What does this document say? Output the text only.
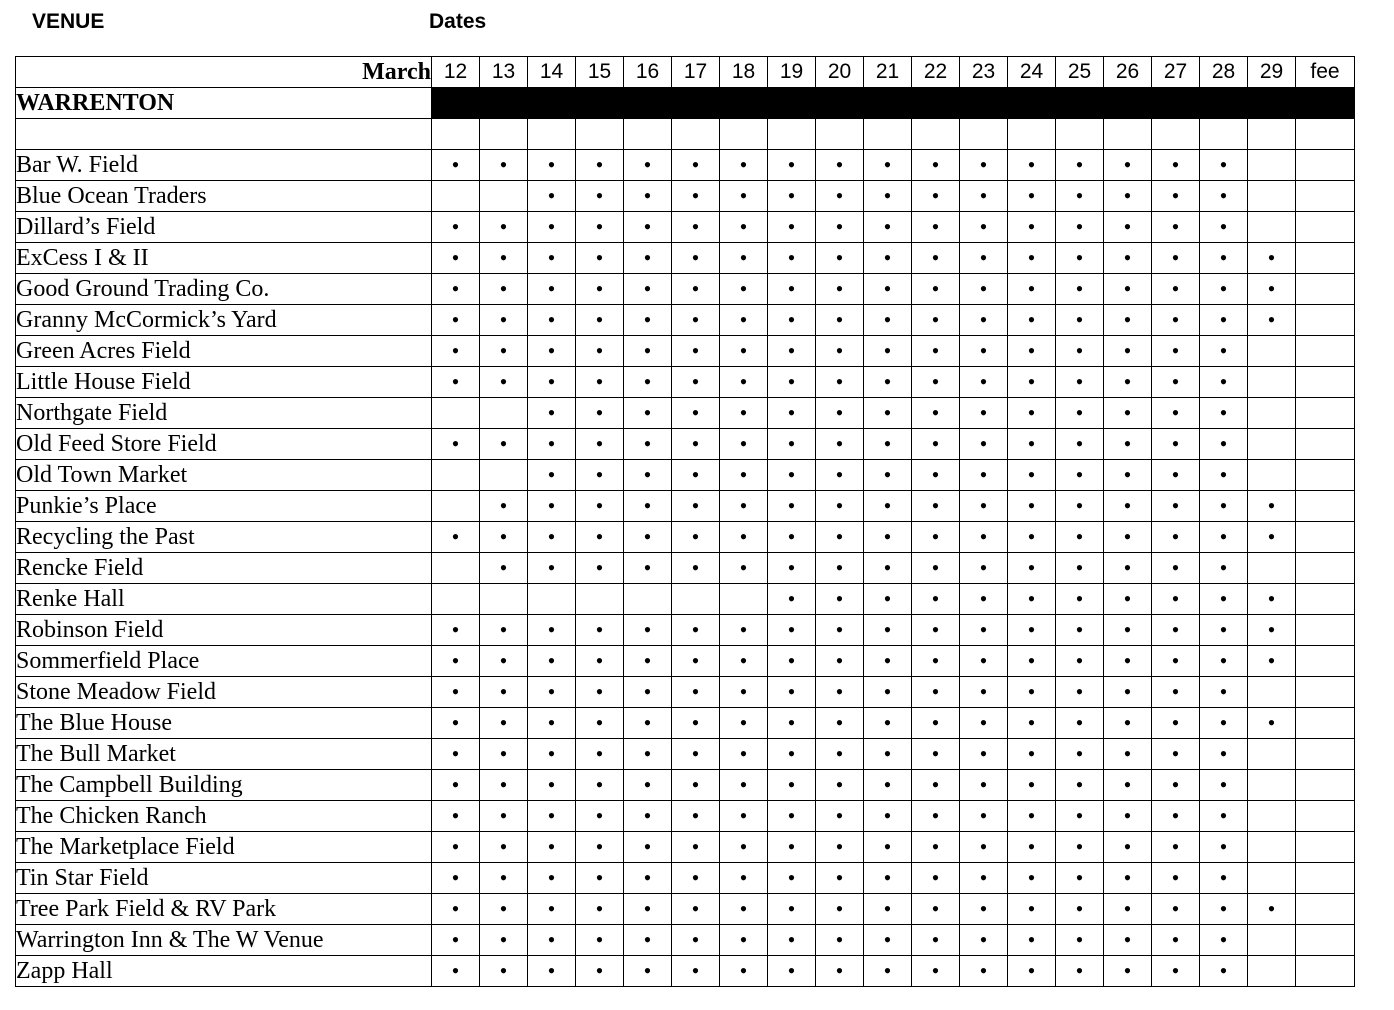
VENUE	Dates
March	12	13	14	15	16	17	18	19	20	21	22	23	24	25	26	27	28	29	fee
WARRENTON																			

Bar W. Field	•	•	•	•	•	•	•	•	•	•	•	•	•	•	•	•	•		
Blue Ocean Traders			•	•	•	•	•	•	•	•	•	•	•	•	•	•	•		
Dillard’s Field	•	•	•	•	•	•	•	•	•	•	•	•	•	•	•	•	•		
ExCess I & II	•	•	•	•	•	•	•	•	•	•	•	•	•	•	•	•	•	•	
Good Ground Trading Co.	•	•	•	•	•	•	•	•	•	•	•	•	•	•	•	•	•	•	
Granny McCormick’s Yard	•	•	•	•	•	•	•	•	•	•	•	•	•	•	•	•	•	•	
Green Acres Field	•	•	•	•	•	•	•	•	•	•	•	•	•	•	•	•	•		
Little House Field	•	•	•	•	•	•	•	•	•	•	•	•	•	•	•	•	•		
Northgate Field			•	•	•	•	•	•	•	•	•	•	•	•	•	•	•		
Old Feed Store Field	•	•	•	•	•	•	•	•	•	•	•	•	•	•	•	•	•		
Old Town Market			•	•	•	•	•	•	•	•	•	•	•	•	•	•	•		
Punkie’s Place		•	•	•	•	•	•	•	•	•	•	•	•	•	•	•	•	•	
Recycling the Past	•	•	•	•	•	•	•	•	•	•	•	•	•	•	•	•	•	•	
Rencke Field		•	•	•	•	•	•	•	•	•	•	•	•	•	•	•	•		
Renke Hall								•	•	•	•	•	•	•	•	•	•	•	
Robinson Field	•	•	•	•	•	•	•	•	•	•	•	•	•	•	•	•	•	•	
Sommerfield Place	•	•	•	•	•	•	•	•	•	•	•	•	•	•	•	•	•	•	
Stone Meadow Field	•	•	•	•	•	•	•	•	•	•	•	•	•	•	•	•	•		
The Blue House	•	•	•	•	•	•	•	•	•	•	•	•	•	•	•	•	•	•	
The Bull Market	•	•	•	•	•	•	•	•	•	•	•	•	•	•	•	•	•		
The Campbell Building	•	•	•	•	•	•	•	•	•	•	•	•	•	•	•	•	•		
The Chicken Ranch	•	•	•	•	•	•	•	•	•	•	•	•	•	•	•	•	•		
The Marketplace Field	•	•	•	•	•	•	•	•	•	•	•	•	•	•	•	•	•		
Tin Star Field	•	•	•	•	•	•	•	•	•	•	•	•	•	•	•	•	•		
Tree Park Field & RV Park	•	•	•	•	•	•	•	•	•	•	•	•	•	•	•	•	•	•	
Warrington Inn & The W Venue	•	•	•	•	•	•	•	•	•	•	•	•	•	•	•	•	•		
Zapp Hall	•	•	•	•	•	•	•	•	•	•	•	•	•	•	•	•	•		
